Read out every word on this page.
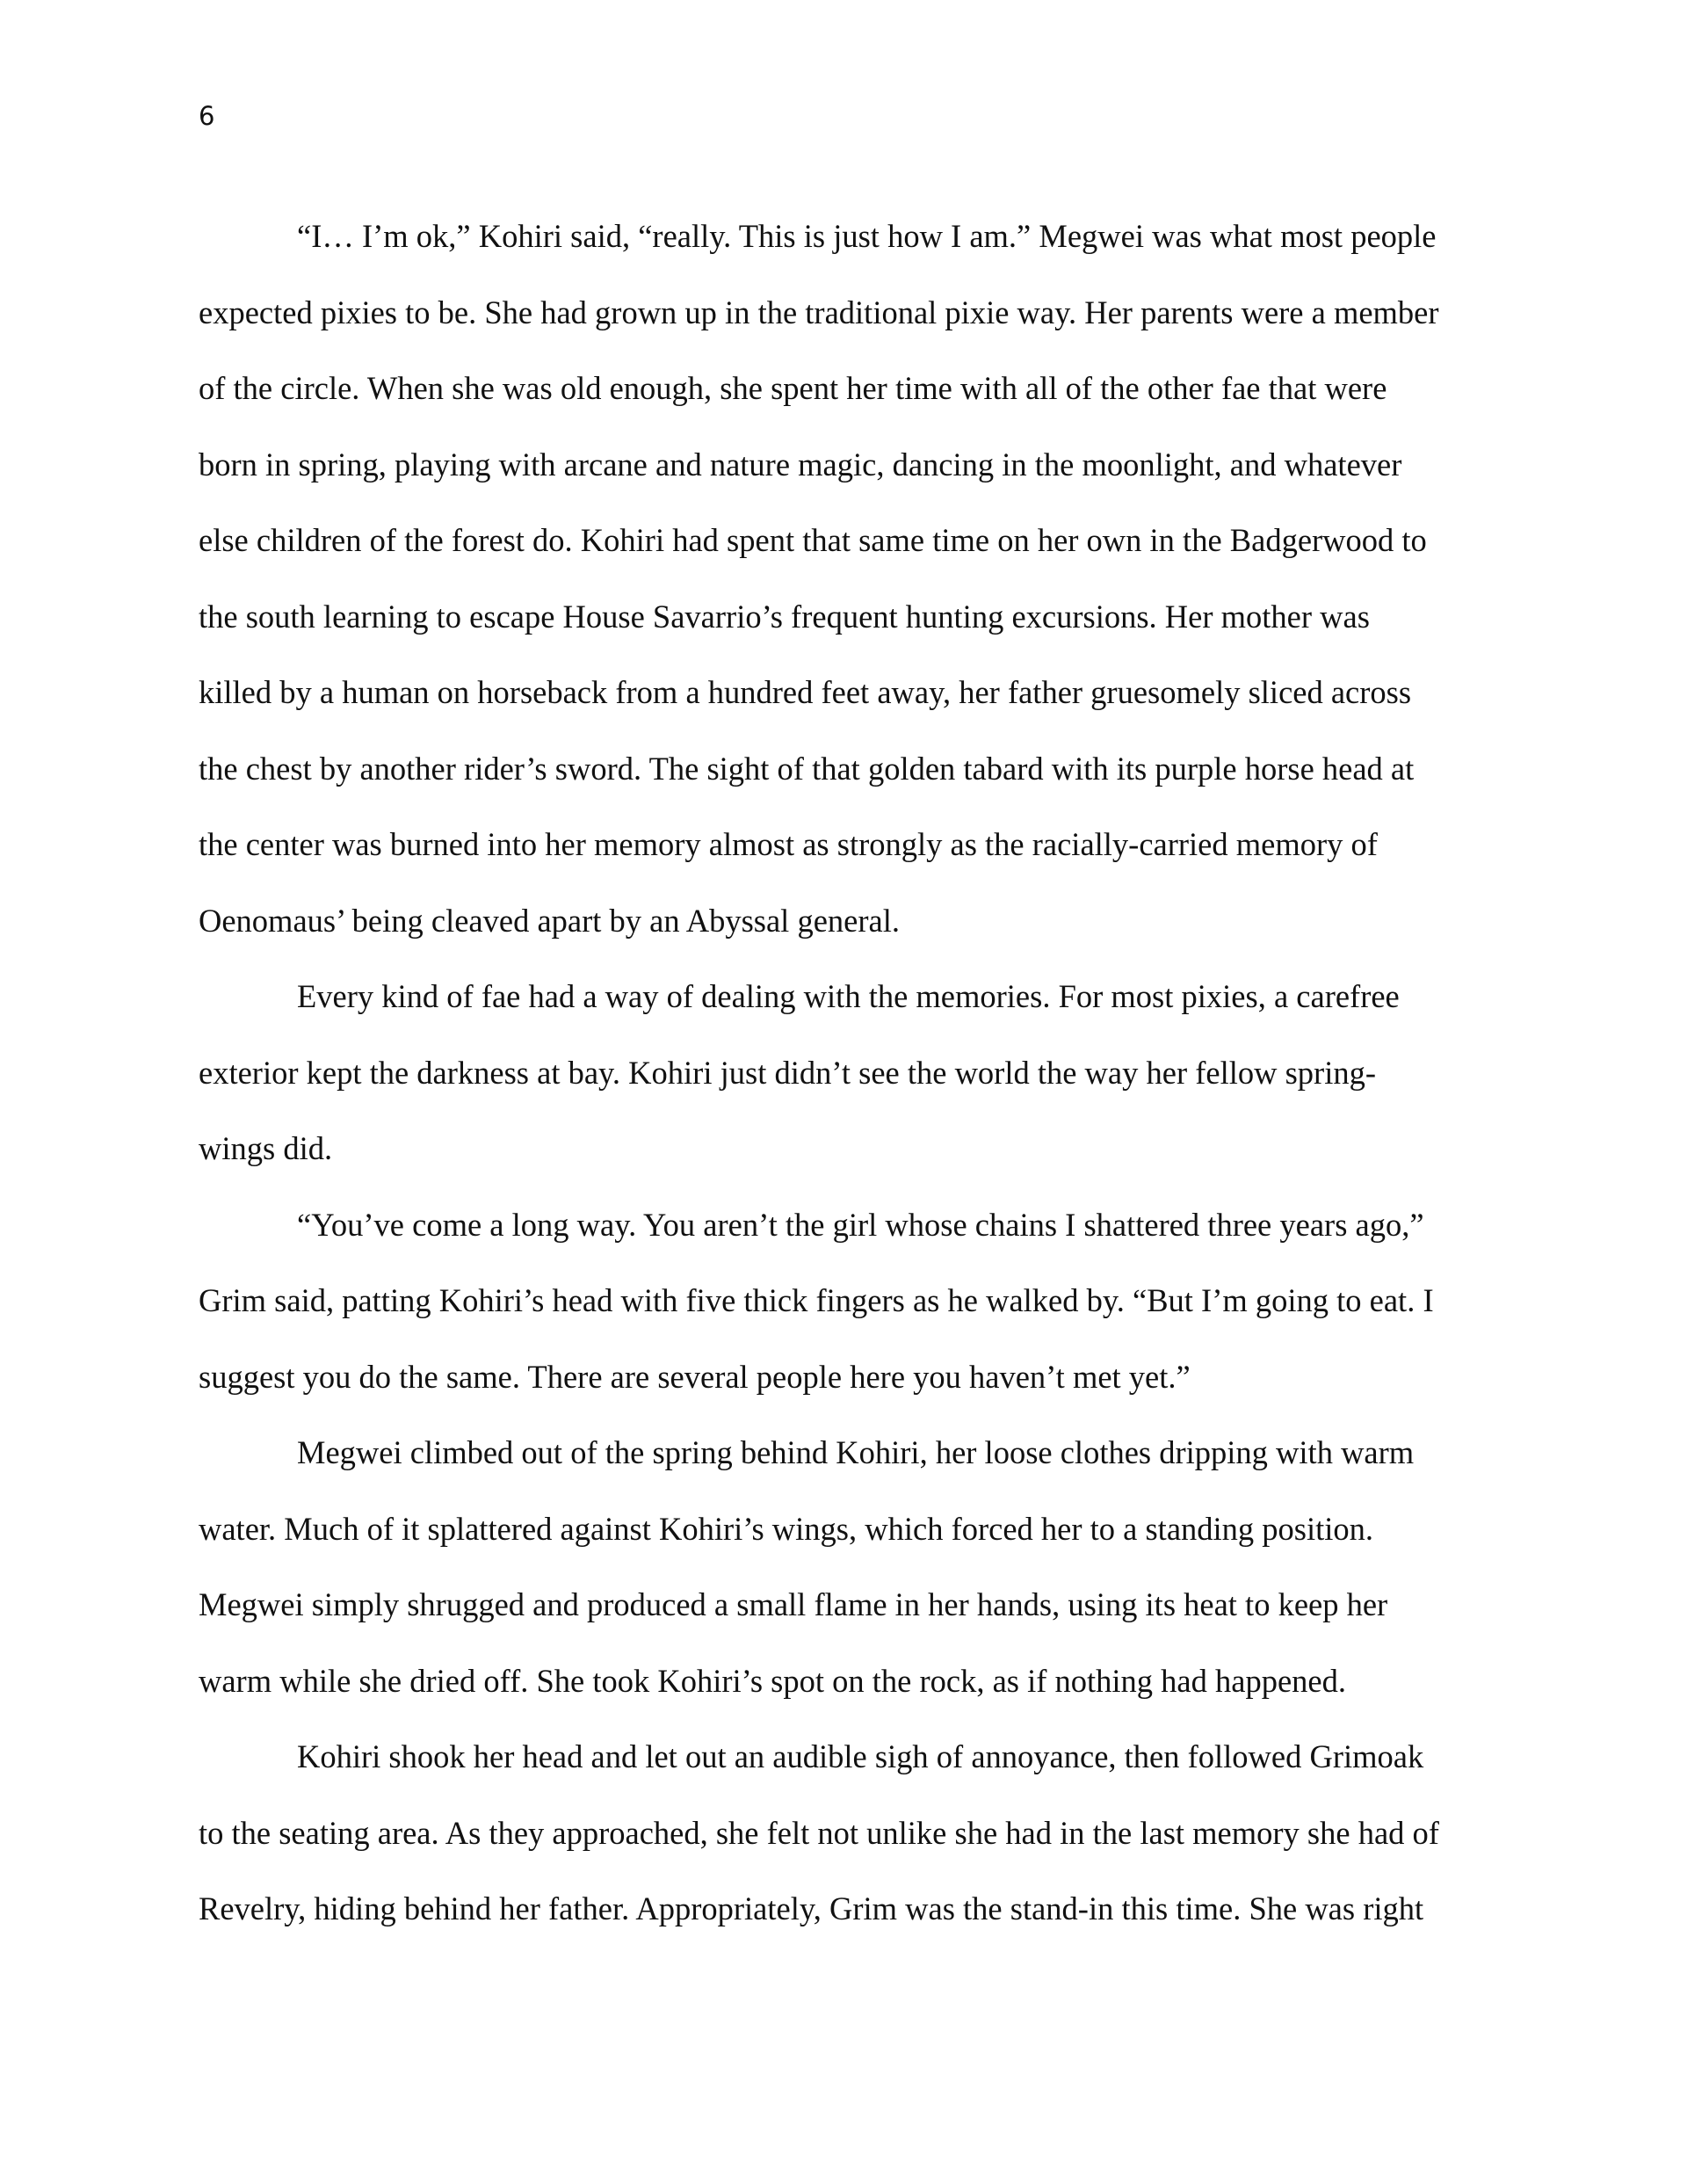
6
“I… I’m ok,” Kohiri said, “really. This is just how I am.” Megwei was what most people
expected pixies to be. She had grown up in the traditional pixie way. Her parents were a member
of the circle. When she was old enough, she spent her time with all of the other fae that were
born in spring, playing with arcane and nature magic, dancing in the moonlight, and whatever
else children of the forest do. Kohiri had spent that same time on her own in the Badgerwood to
the south learning to escape House Savarrio’s frequent hunting excursions. Her mother was
killed by a human on horseback from a hundred feet away, her father gruesomely sliced across
the chest by another rider’s sword. The sight of that golden tabard with its purple horse head at
the center was burned into her memory almost as strongly as the racially-carried memory of
Oenomaus’ being cleaved apart by an Abyssal general.
Every kind of fae had a way of dealing with the memories. For most pixies, a carefree
exterior kept the darkness at bay. Kohiri just didn’t see the world the way her fellow spring-
wings did.
“You’ve come a long way. You aren’t the girl whose chains I shattered three years ago,”
Grim said, patting Kohiri’s head with five thick fingers as he walked by. “But I’m going to eat. I
suggest you do the same. There are several people here you haven’t met yet.”
Megwei climbed out of the spring behind Kohiri, her loose clothes dripping with warm
water. Much of it splattered against Kohiri’s wings, which forced her to a standing position.
Megwei simply shrugged and produced a small flame in her hands, using its heat to keep her
warm while she dried off. She took Kohiri’s spot on the rock, as if nothing had happened.
Kohiri shook her head and let out an audible sigh of annoyance, then followed Grimoak
to the seating area. As they approached, she felt not unlike she had in the last memory she had of
Revelry, hiding behind her father. Appropriately, Grim was the stand-in this time. She was right
